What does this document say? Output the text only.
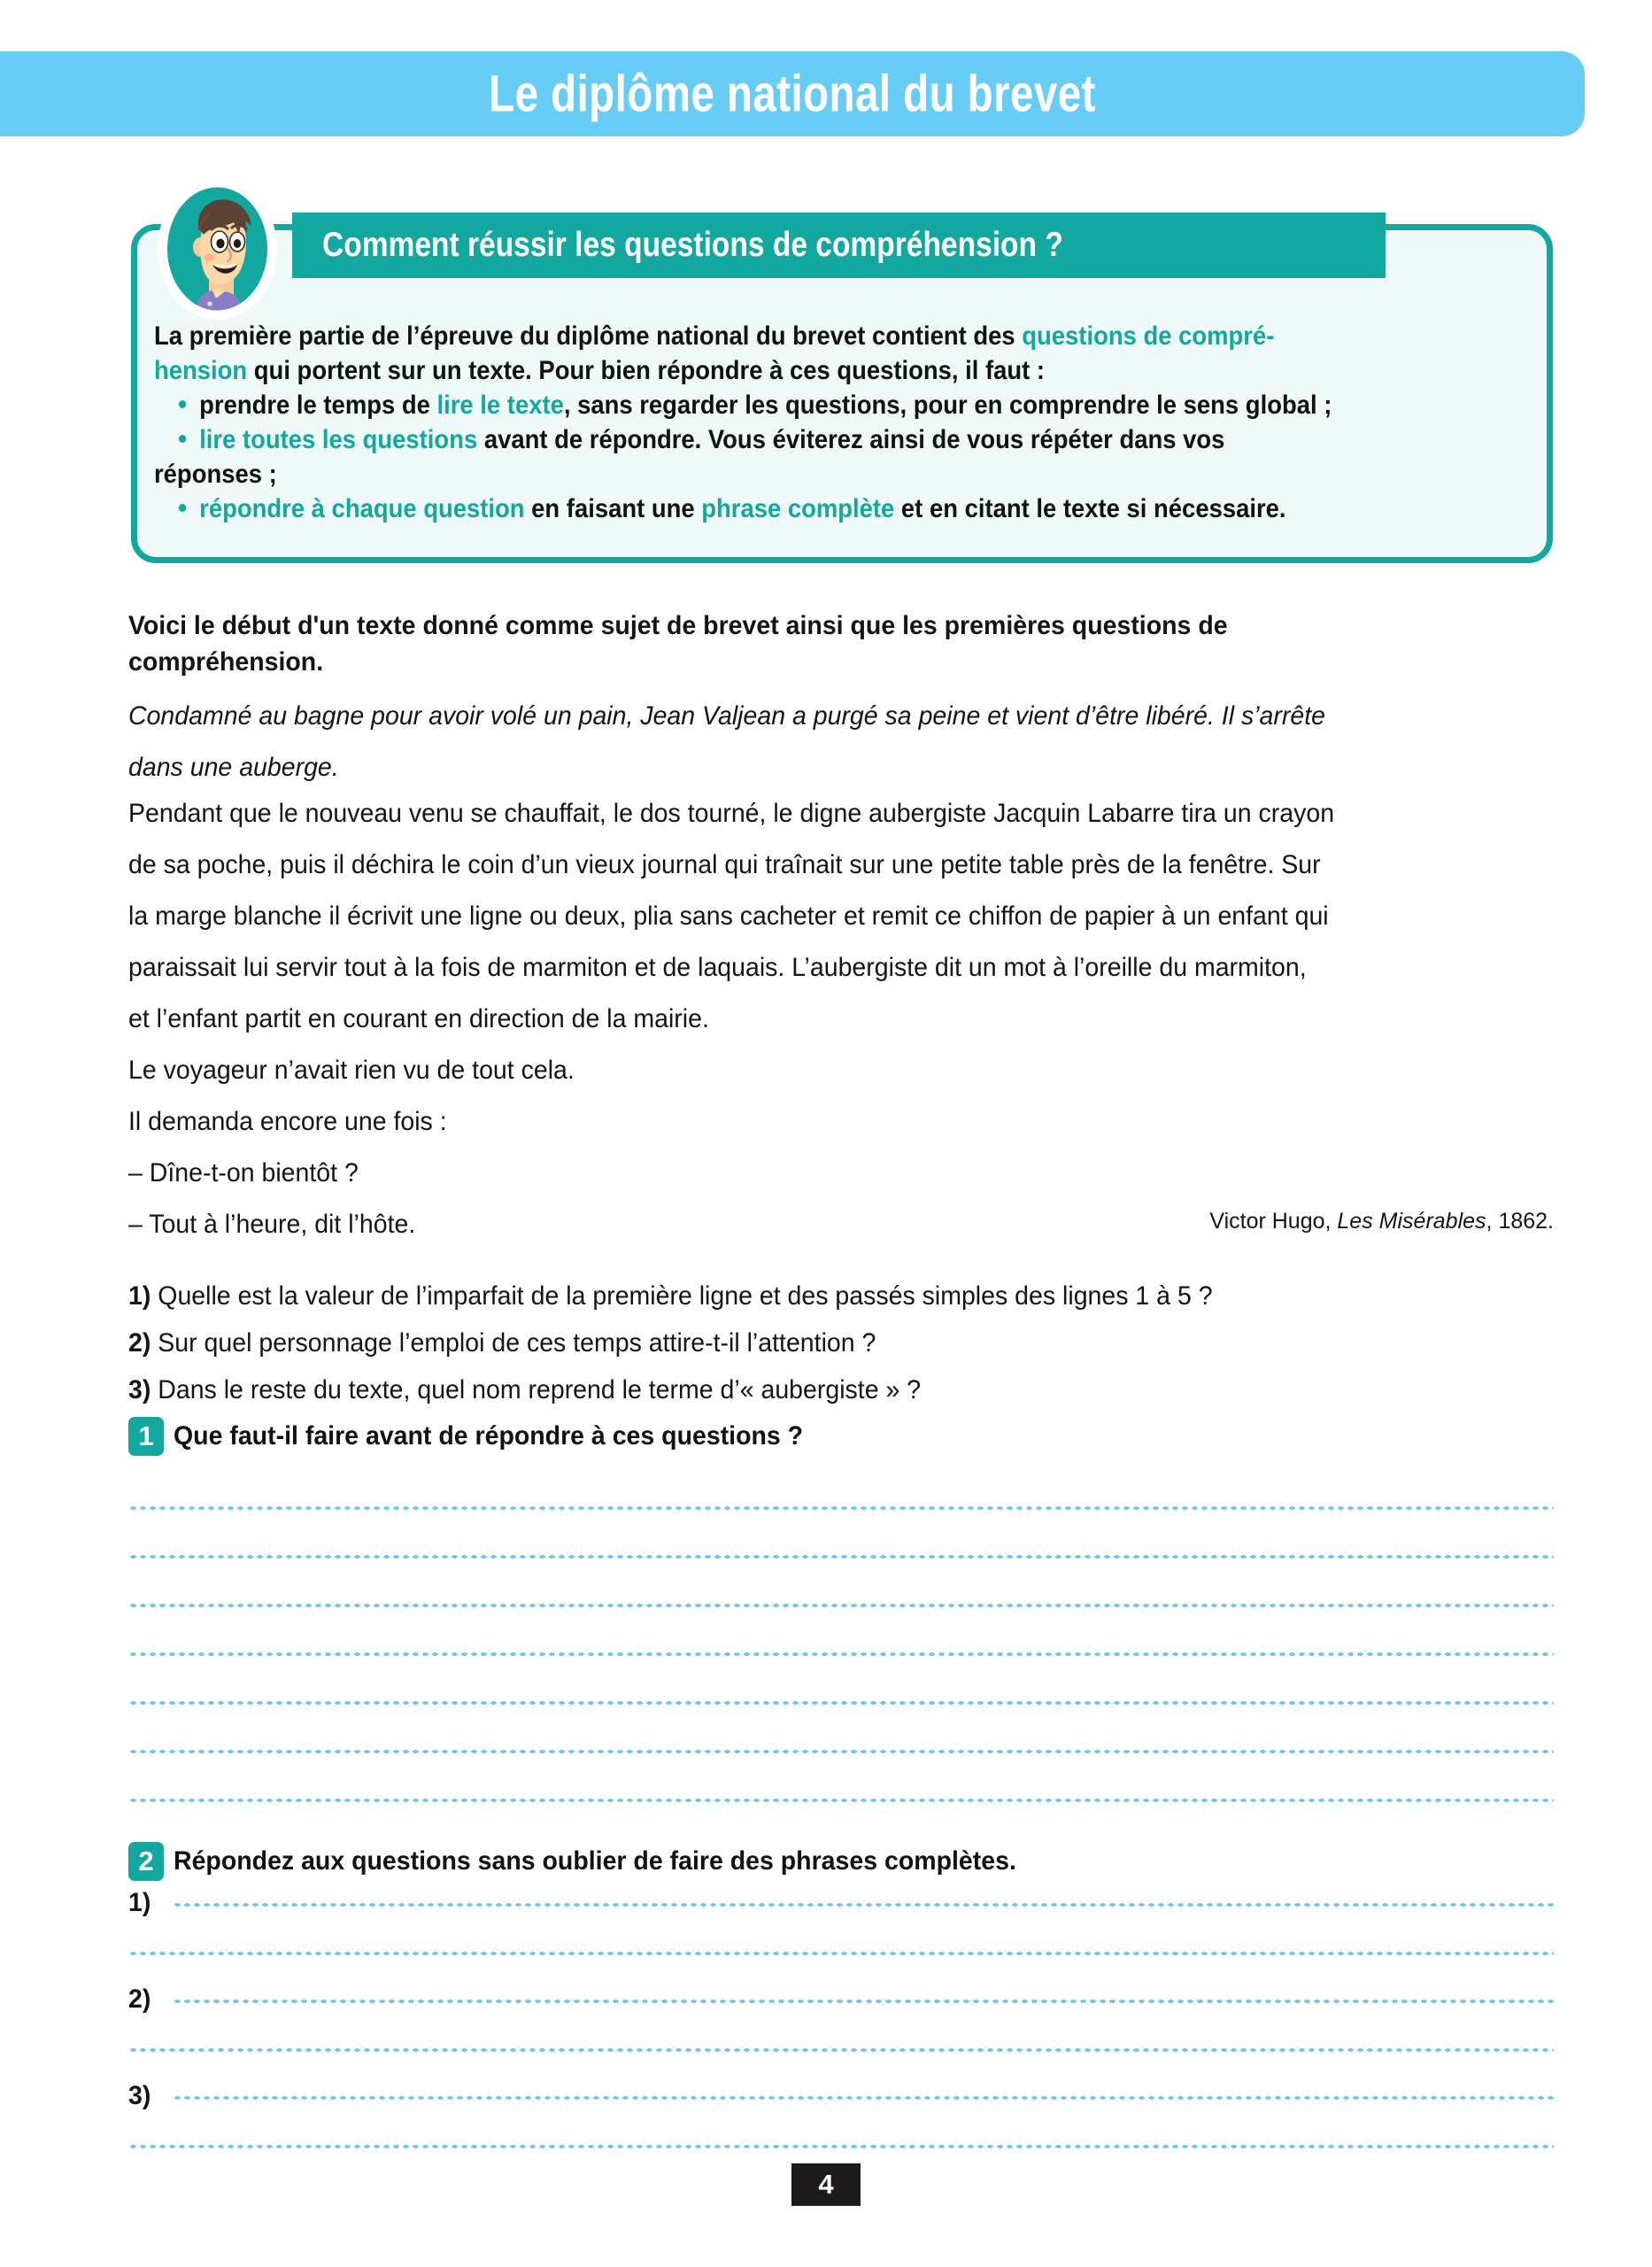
Le diplôme national du brevet
Comment réussir les questions de compréhension ?

La première partie de l’épreuve du diplôme national du brevet contient des questions de compré-

hension qui portent sur un texte. Pour bien répondre à ces questions, il faut :

prendre le temps de lire le texte, sans regarder les questions, pour en comprendre le sens global ;

lire toutes les questions avant de répondre. Vous éviterez ainsi de vous répéter dans vos

réponses ;

répondre à chaque question en faisant une phrase complète et en citant le texte si nécessaire.

Voici le début d'un texte donné comme sujet de brevet ainsi que les premières questions de
compréhension.
Condamné au bagne pour avoir volé un pain, Jean Valjean a purgé sa peine et vient d’être libéré. Il s’arrête
dans une auberge.
Pendant que le nouveau venu se chauffait, le dos tourné, le digne aubergiste Jacquin Labarre tira un crayon
de sa poche, puis il déchira le coin d’un vieux journal qui traînait sur une petite table près de la fenêtre. Sur
la marge blanche il écrivit une ligne ou deux, plia sans cacheter et remit ce chiffon de papier à un enfant qui
paraissait lui servir tout à la fois de marmiton et de laquais. L’aubergiste dit un mot à l’oreille du marmiton,
et l’enfant partit en courant en direction de la mairie.
Le voyageur n’avait rien vu de tout cela.
Il demanda encore une fois :
– Dîne-t-on bientôt ?
– Tout à l’heure, dit l’hôte.	Victor Hugo, Les Misérables, 1862.
1) Quelle est la valeur de l’imparfait de la première ligne et des passés simples des lignes 1 à 5 ?
2) Sur quel personnage l’emploi de ces temps attire-t-il l’attention ?
3) Dans le reste du texte, quel nom reprend le terme d’« aubergiste » ?
1 Que faut-il faire avant de répondre à ces questions ?
2 Répondez aux questions sans oublier de faire des phrases complètes.
1)
2)
3)
4
